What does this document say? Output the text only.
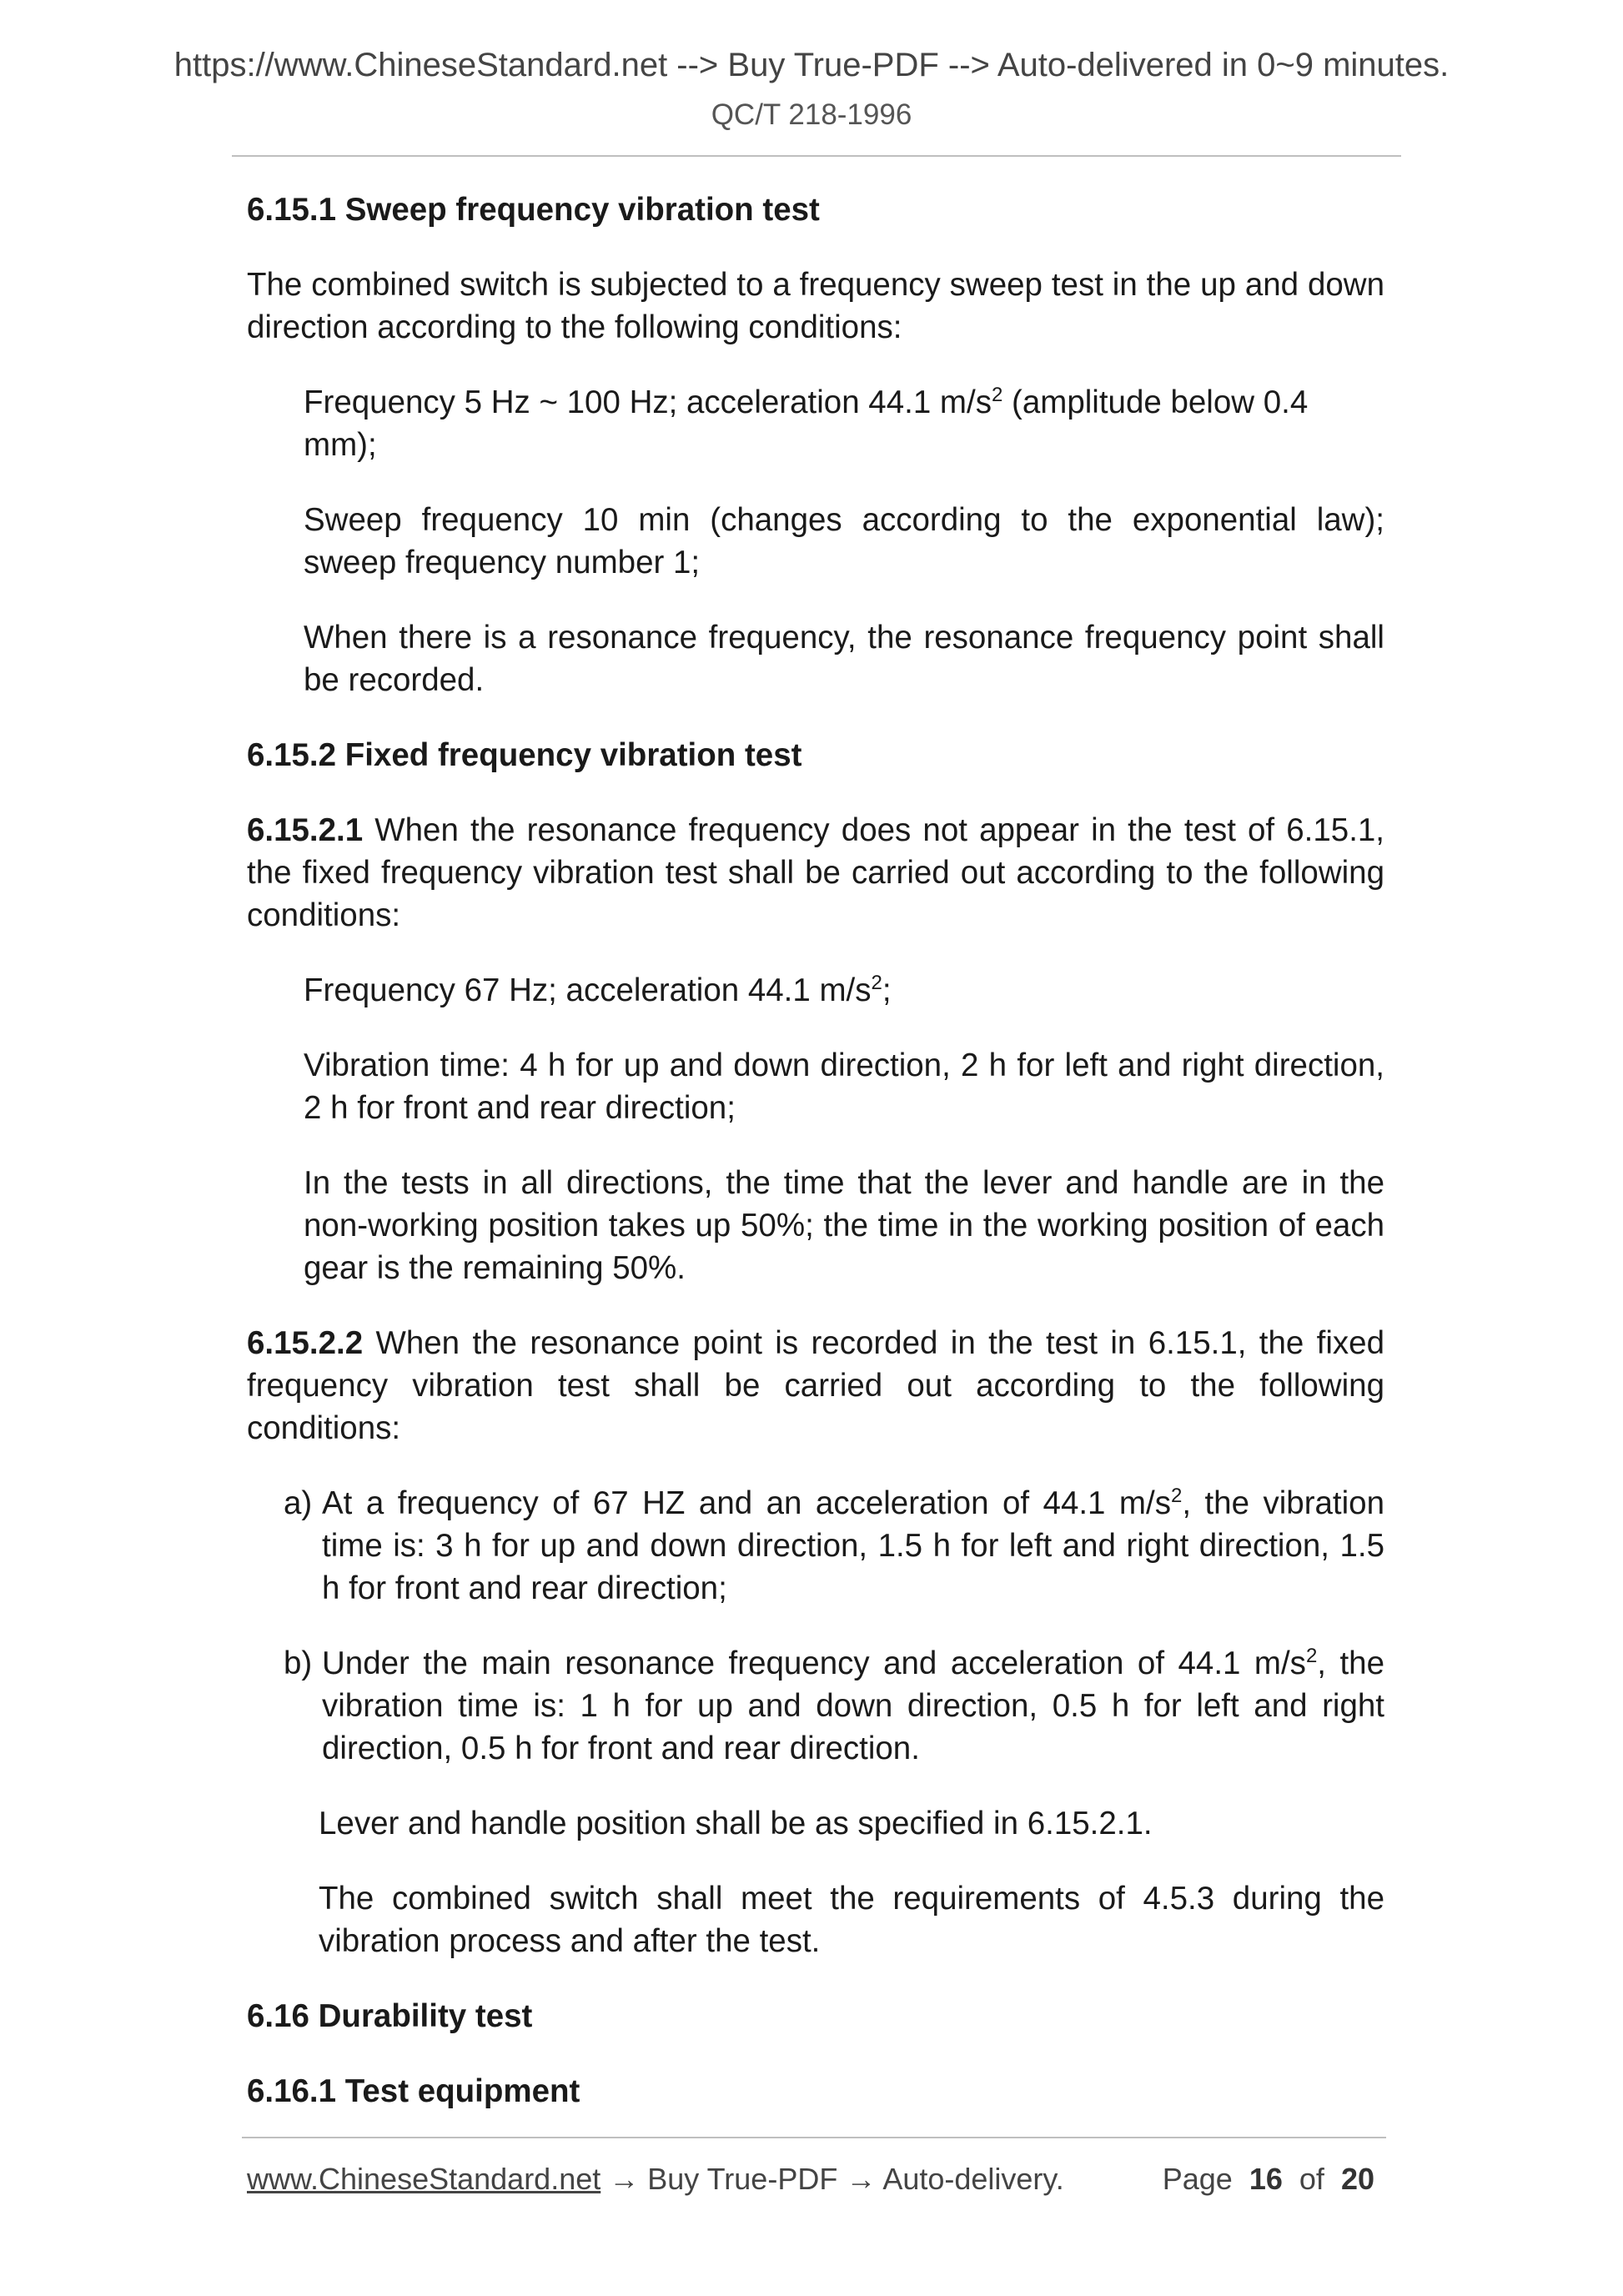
https://www.ChineseStandard.net --> Buy True-PDF --> Auto-delivered in 0~9 minutes.
QC/T 218-1996

6.15.1 Sweep frequency vibration test

The combined switch is subjected to a frequency sweep test in the up and down direction according to the following conditions:

Frequency 5 Hz ~ 100 Hz; acceleration 44.1 $m/s^2$ (amplitude below 0.4 mm);

Sweep frequency 10 min (changes according to the exponential law); sweep frequency number 1;

When there is a resonance frequency, the resonance frequency point shall be recorded.

6.15.2 Fixed frequency vibration test

6.15.2.1 When the resonance frequency does not appear in the test of 6.15.1, the fixed frequency vibration test shall be carried out according to the following conditions:

Frequency 67 Hz; acceleration 44.1 $m/s^2$;

Vibration time: 4 h for up and down direction, 2 h for left and right direction, 2 h for front and rear direction;

In the tests in all directions, the time that the lever and handle are in the non-working position takes up 50%; the time in the working position of each gear is the remaining 50%.

6.15.2.2 When the resonance point is recorded in the test in 6.15.1, the fixed frequency vibration test shall be carried out according to the following conditions:

a) At a frequency of 67 HZ and an acceleration of 44.1 $m/s^2$, the vibration time is: 3 h for up and down direction, 1.5 h for left and right direction, 1.5 h for front and rear direction;
b) Under the main resonance frequency and acceleration of 44.1 $m/s^2$, the vibration time is: 1 h for up and down direction, 0.5 h for left and right direction, 0.5 h for front and rear direction.

Lever and handle position shall be as specified in 6.15.2.1.

The combined switch shall meet the requirements of 4.5.3 during the vibration process and after the test.

6.16 Durability test

6.16.1 Test equipment

www.ChineseStandard.net → Buy True-PDF → Auto-delivery.	Page 16 of 20
